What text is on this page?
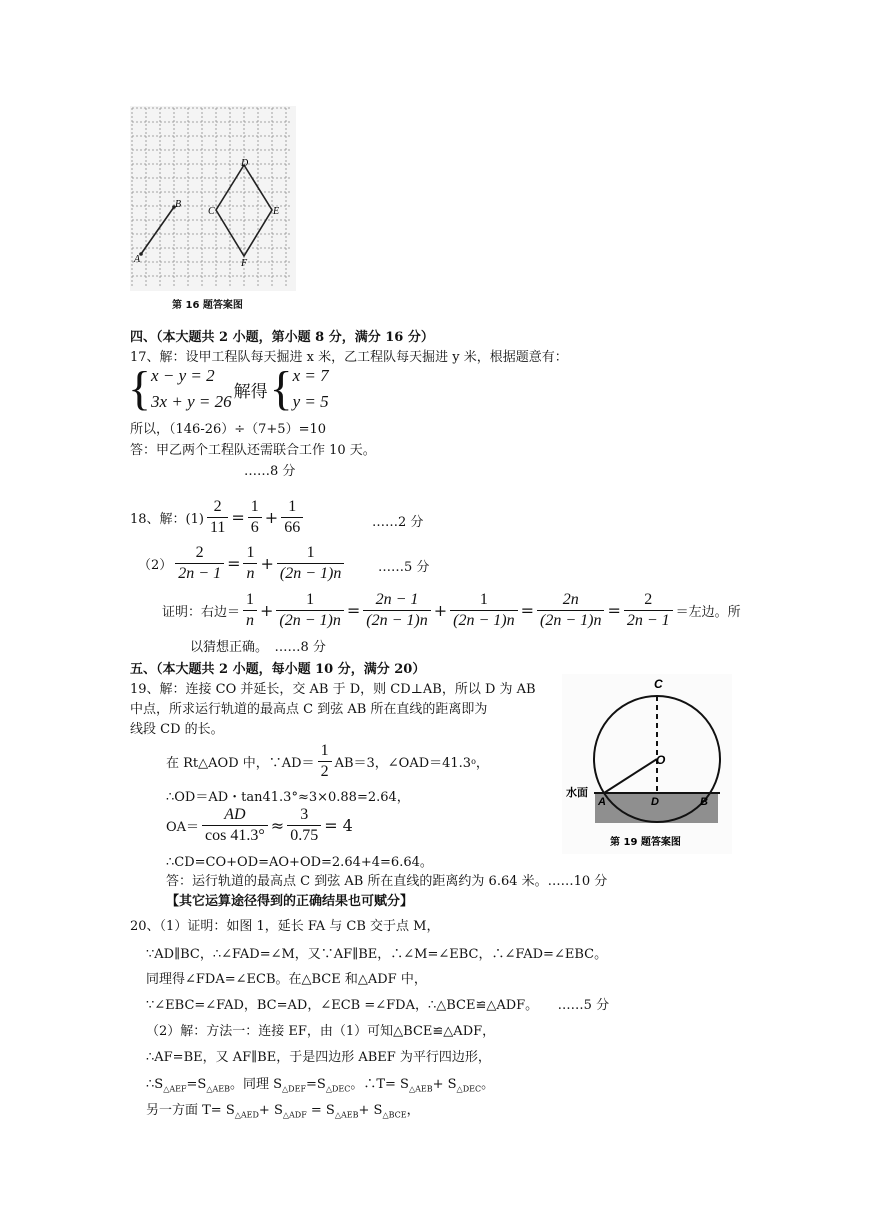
A
B
C
D
E
F
第 16 题答案图
四、（本大题共 2 小题，第小题 8 分，满分 16 分）
17、解：设甲工程队每天掘进 x 米，乙工程队每天掘进 y 米，根据题意有：
{ x − y = 2
3x + y = 26 解得 { x = 7
y = 5
所以，（146-26）÷（7+5）=10
答：甲乙两个工程队还需联合工作 10 天。
……8 分
18、解：$(1) \frac{2}{11} = \frac{1}{6} + \frac{1}{66}$	……2 分
$(2) \frac{2}{2n - 1} = \frac{1}{n} + \frac{1}{(2n - 1)n}$	……5 分
证明：右边＝ $\frac{1}{n} + \frac{1}{(2n - 1)n} = \frac{2n - 1}{(2n - 1)n} + \frac{1}{(2n - 1)n} = \frac{2n}{(2n - 1)n} = \frac{2}{2n - 1}$ ＝左边。所
以猜想正确。　……8 分
五、（本大题共 2 小题，每小题 10 分，满分 20）
19、解：连接 CO 并延长，交 AB 于 D，则 CD⊥AB，所以 D 为 AB
中点，所求运行轨道的最高点 C 到弦 AB 所在直线的距离即为
线段 CD 的长。
在 Rt△AOD 中，∵AD＝ $\frac{1}{2} AB=3$，∠OAD＝41.3 o ，
∴OD＝AD・tan41.3°≈3×0.88=2.64，
$OA= \frac{AD}{\cos 41.3^\circ} \approx \frac{3}{0.75} = 4$
∴CD=CO+OD=AO+OD=2.64+4=6.64。
答：运行轨道的最高点 C 到弦 AB 所在直线的距离约为 6.64 米。……10 分
【其它运算途径得到的正确结果也可赋分】
C
O
A	D	B
水面
第 19 题答案图
20、（1）证明：如图 1，延长 FA 与 CB 交于点 M，
∵AD∥BC，∴∠FAD=∠M，又∵AF∥BE，∴∠M=∠EBC，∴∠FAD=∠EBC。
同理得∠FDA=∠ECB。在△BCE 和△ADF 中，
∵∠EBC=∠FAD，BC=AD，∠ECB =∠FDA，∴△BCE≌△ADF。　　……5 分
（2）解：方法一：连接 EF，由（1）可知△BCE≌△ADF，
∴AF=BE，又 AF∥BE，于是四边形 ABEF 为平行四边形，
$\therefore S_{\triangle AEF}=S_{\triangle AEB}$。同理 $S_{\triangle DEF}=S_{\triangle DEC}$。∴T= $S_{\triangle AEB}+ S_{\triangle DEC}$。
另一方面 $T= S_{\triangle AED}+ S_{\triangle ADF} = S_{\triangle AEB}+ S_{\triangle BCE}$，
